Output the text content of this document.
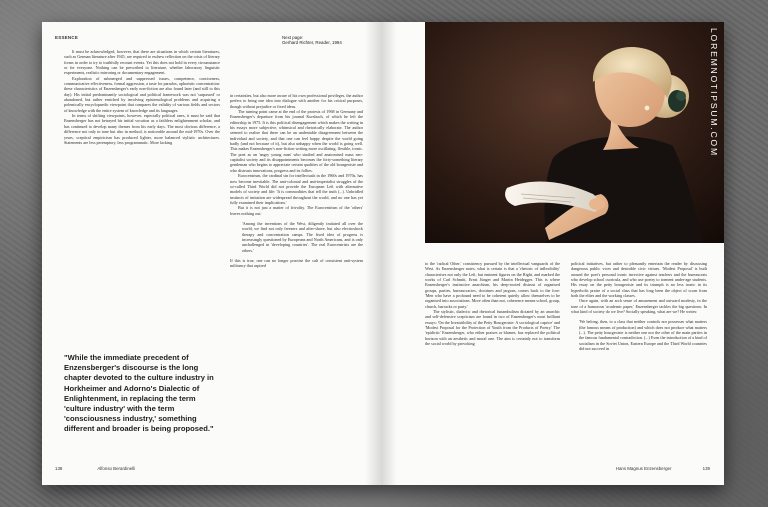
ESSENCE	Next page:
Gerhard Richter, Reader, 1994

It must be acknowledged, however, that there are situations in which certain literatures, such as German literature after 1945, are required to eschew reflection on the crisis of literary forms in order to try to truthfully recount events. Yet this does not hold in every circumstance or for everyone. Nothing can be prescribed to literature, whether laboratory linguistic experiments, realistic mirroring or documentary engagement.

Exploration of submerged and suppressed issues, competence, conciseness, communicative effectiveness, formal aggression, a taste for paradox, aphoristic concentration: these characteristics of Enzensberger's early non-fiction are also found later (and still to this day). His initial predominantly sociological and political framework was not 'surpassed' or abandoned, but rather enriched by involving epistemological problems and acquiring a polemically encyclopaedic viewpoint that compares the validity of various fields and sectors of knowledge with the entire system of knowledge and its languages.

In terms of shifting viewpoints, however, especially political ones, it must be said that Enzensberger has not betrayed his initial vocation as a faithless enlightenment scholar, and has continued to develop many themes from his early days. The most obvious difference, a difference not only in tone but also in method, is noticeable around the mid-1970s. Over the years, sceptical empiricism has produced lighter, more balanced stylistic architectures. Statements are less peremptory, less programmatic. More lacking

in certainties, but also more aware of his own professional privileges, the author prefers to bring one idea into dialogue with another for his critical purposes, though without prejudice or fixed ideas.

The turning point came at the end of the protests of 1968 in Germany and Enzensberger's departure from his journal Kursbuch, of which he left the editorship in 1975. It is this political disengagement which makes the writing in his essays more subjective, whimsical and rhetorically elaborate. The author seemed to realise that there can be an undeniable disagreement between the individual and society, and that one can feel happy despite the world going badly (and not because of it), but also unhappy when the world is going well. This makes Enzensberger's non-fiction writing more oscillating, flexible, ironic. The poet as an 'angry young man' who studied and anatomised mass neo-capitalist society and its disappointments becomes the forty-something literary gentleman who begins to appreciate certain qualities of the old bourgeoisie and who distrusts innovations, progress and its follies.

Eurocentrism, the cardinal sin for intellectuals in the 1960s and 1970s, has now become inevitable. The anti-colonial and anti-imperialist struggles of the so-called Third World did not provide the European Left with alternative models of society and life: 'It is commodities that tell the truth (...). Unbridled instincts of imitation are widespread throughout the world, and no one has yet fully examined their implications.'

But it is not just a matter of frivolity. The Eurocentrism of the 'others' leaves nothing out:

'Among the inventions of the West, diligently imitated all over the world, we find not only freezers and after-shave, but also electroshock therapy and concentration camps. The fixed idea of progress is increasingly questioned by Europeans and North Americans, and is only unchallenged in 'developing countries'. The real Eurocentrists are the others.'

If this is true, one can no longer practise the cult of consistent anti-system militancy that aspired

"While the immediate precedent of Enzensberger's discourse is the long chapter devoted to the culture industry in Horkheimer and Adorno's Dialectic of Enlightenment, in replacing the term 'culture industry' with the term 'consciousness industry,' something different and broader is being proposed."
138	Alfonso Berardinelli
LOREMNOTIPSUM.COM

to the 'radical Other,' consistency pursued by the intellectual vanguards of the West. As Enzensberger notes, what is certain is that a 'rhetoric of inflexibility' characterises not only the Left, but eminent figures on the Right, and marked the works of Carl Schmitt, Ernst Jünger and Martin Heidegger. This is where Enzensberger's instinctive anarchism, his deep-rooted distrust of organised groups, parties, bureaucracies, doctrines and jargons, comes back to the fore: 'Men who have a profound need to be coherent quietly allow themselves to be organised into associations. More often than not, coherence means school, group, church, barracks or party.'

The stylistic, dialectic and rhetorical funambulism dictated by an anarchic and self-defensive scepticism are found in two of Enzensberger's most brilliant essays: 'On the Irresistibility of the Petty Bourgeoisie: A sociological caprice' and 'Modest Proposal for the Protection of Youth from the Products of Poetry.' The 'epidictic' Enzensberger, who either praises or blames, has replaced the political horizon with an aesthetic and moral one. The aim is certainly not to transform the social world by provoking

political initiatives, but rather to pleasantly entertain the reader by discussing dangerous public vices and desirable civic virtues. 'Modest Proposal' is built around the poet's personal ironic invective against teachers and the bureaucrats who develop school curricula, and who use poetry to torment under-age students. His essay on the petty bourgeoisie and its triumph is no less ironic in its hyperbolic praise of a social class that has long been the object of scorn from both the elites and the working classes.

Once again, with an arch sense of amusement and outward modesty, in the tone of a humorous 'academic paper,' Enzensberger tackles the big questions: In what kind of society do we live? Socially speaking, what are we? He writes:

'We belong, then, to a class that neither controls nor possesses what matters (the famous means of production) and which does not produce what matters (...). The petty bourgeoisie is neither one nor the other of the main parties in the famous fundamental contradiction. (...) Even the introduction of a kind of socialism in the Soviet Union, Eastern Europe and the Third World countries did not succeed in

Hans Magnus Enzensberger	139
